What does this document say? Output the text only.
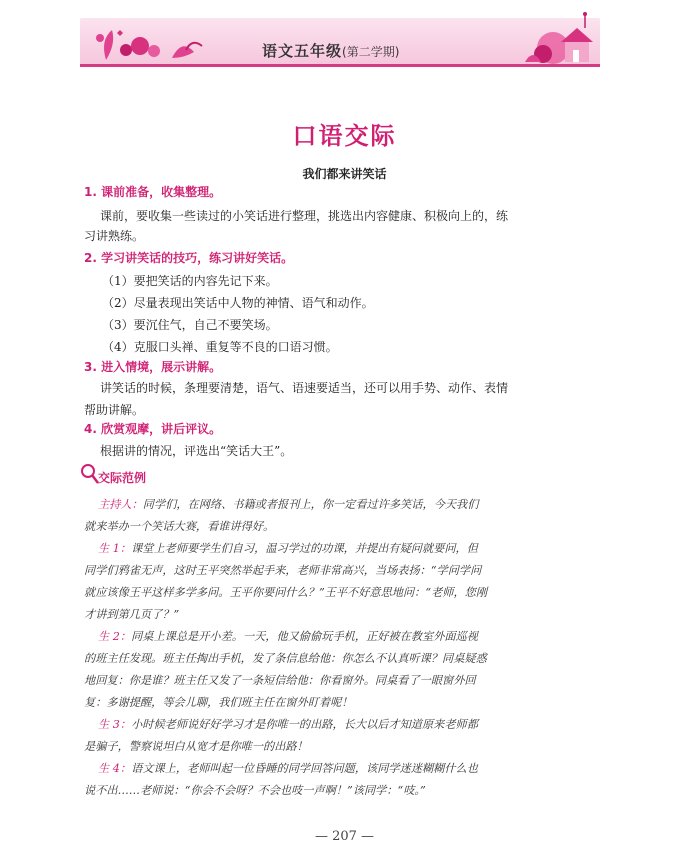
语文五年级(第二学期)
口语交际
我们都来讲笑话
1. 课前准备，收集整理。
课前，要收集一些读过的小笑话进行整理，挑选出内容健康、积极向上的，练
习讲熟练。
2. 学习讲笑话的技巧，练习讲好笑话。
（1）要把笑话的内容先记下来。
（2）尽量表现出笑话中人物的神情、语气和动作。
（3）要沉住气，自己不要笑场。
（4）克服口头禅、重复等不良的口语习惯。
3. 进入情境，展示讲解。
讲笑话的时候，条理要清楚，语气、语速要适当，还可以用手势、动作、表情
帮助讲解。
4. 欣赏观摩，讲后评议。
根据讲的情况，评选出“笑话大王”。
交际范例
主持人：同学们，在网络、书籍或者报刊上，你一定看过许多笑话，今天我们
就来举办一个笑话大赛，看谁讲得好。
生 1：课堂上老师要学生们自习，温习学过的功课，并提出有疑问就要问，但
同学们鸦雀无声，这时王平突然举起手来，老师非常高兴，当场表扬：“学问学问
就应该像王平这样多学多问。王平你要问什么？”王平不好意思地问：“老师，您刚
才讲到第几页了？”
生 2：同桌上课总是开小差。一天，他又偷偷玩手机，正好被在教室外面巡视
的班主任发现。班主任掏出手机，发了条信息给他：你怎么不认真听课？同桌疑惑
地回复：你是谁？班主任又发了一条短信给他：你看窗外。同桌看了一眼窗外回
复：多谢提醒，等会儿聊，我们班主任在窗外盯着呢！
生 3：小时候老师说好好学习才是你唯一的出路，长大以后才知道原来老师都
是骗子，警察说坦白从宽才是你唯一的出路！
生 4：语文课上，老师叫起一位昏睡的同学回答问题，该同学迷迷糊糊什么也
说不出……老师说：“你会不会呀？不会也吱一声啊！”该同学：“吱。”
— 207 —
